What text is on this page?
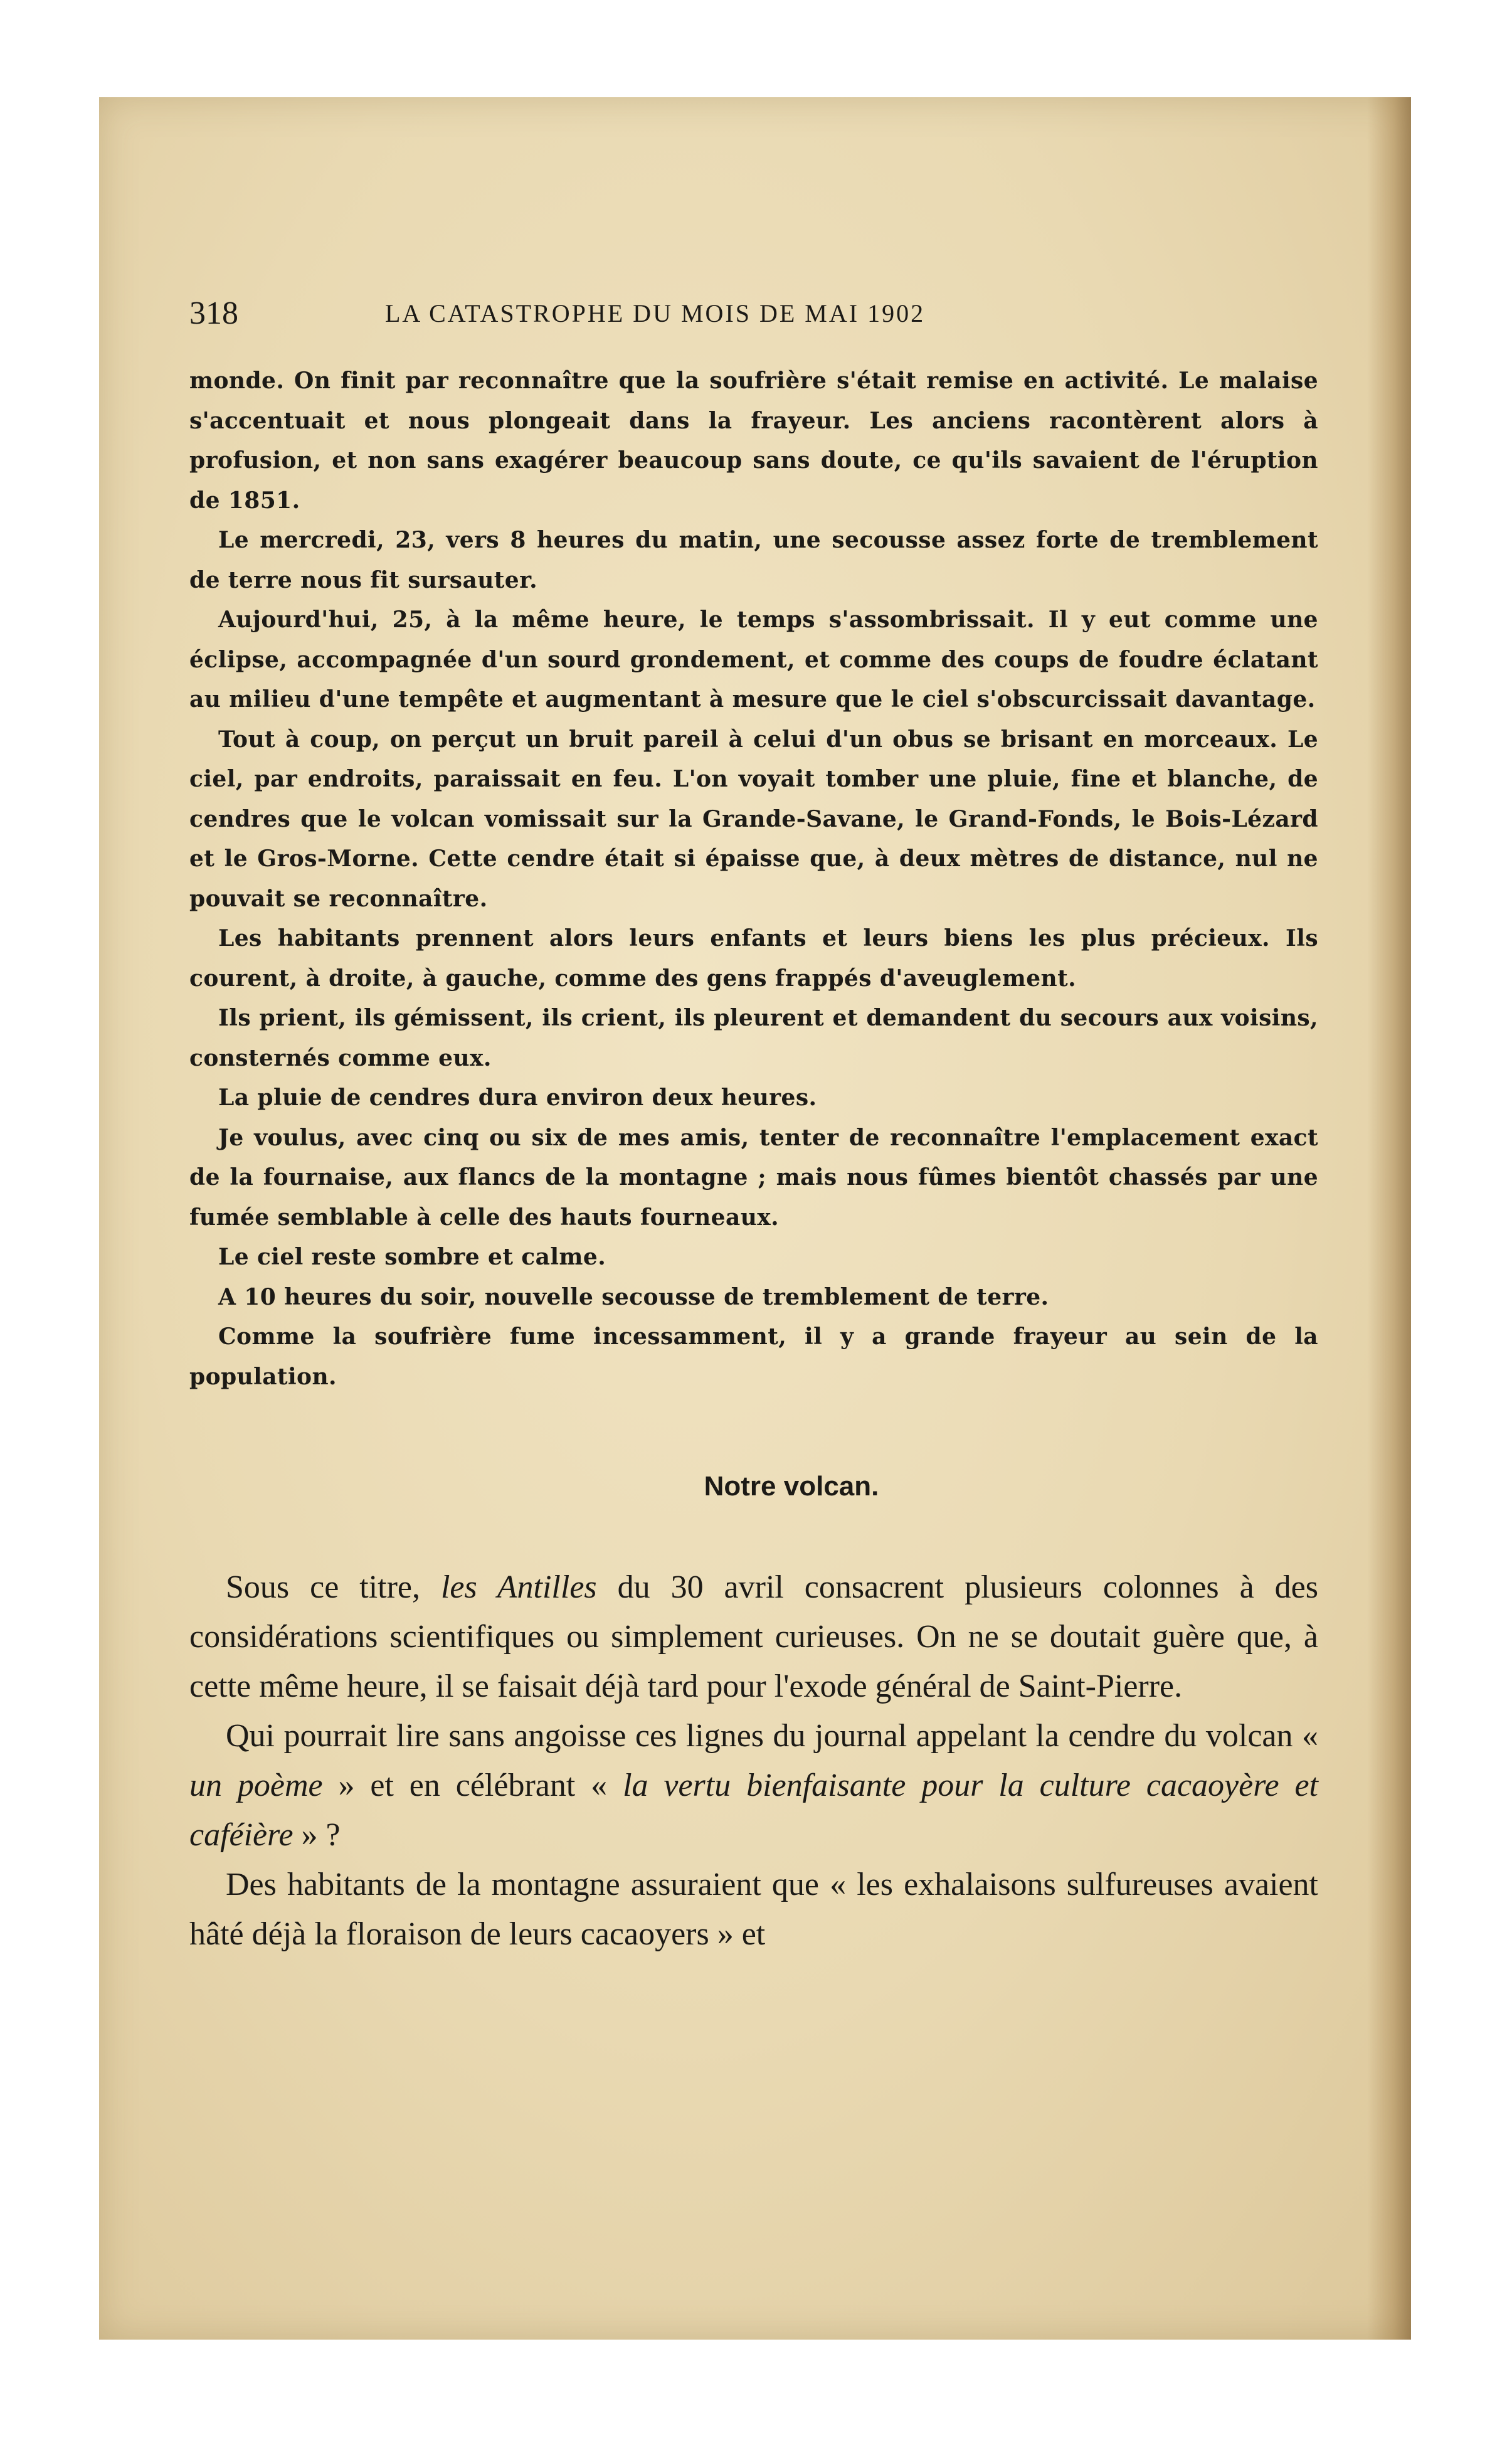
318	LA CATASTROPHE DU MOIS DE MAI 1902

monde. On finit par reconnaître que la soufrière s'était remise en activité. Le malaise s'accentuait et nous plongeait dans la frayeur. Les anciens racontèrent alors à profusion, et non sans exagérer beaucoup sans doute, ce qu'ils savaient de l'éruption de 1851.

Le mercredi, 23, vers 8 heures du matin, une secousse assez forte de tremblement de terre nous fit sursauter.

Aujourd'hui, 25, à la même heure, le temps s'assombrissait. Il y eut comme une éclipse, accompagnée d'un sourd grondement, et comme des coups de foudre éclatant au milieu d'une tempête et augmentant à mesure que le ciel s'obscurcissait davantage.

Tout à coup, on perçut un bruit pareil à celui d'un obus se brisant en morceaux. Le ciel, par endroits, paraissait en feu. L'on voyait tomber une pluie, fine et blanche, de cendres que le volcan vomissait sur la Grande-Savane, le Grand-Fonds, le Bois-Lézard et le Gros-Morne. Cette cendre était si épaisse que, à deux mètres de distance, nul ne pouvait se reconnaître.

Les habitants prennent alors leurs enfants et leurs biens les plus précieux. Ils courent, à droite, à gauche, comme des gens frappés d'aveuglement.

Ils prient, ils gémissent, ils crient, ils pleurent et demandent du secours aux voisins, consternés comme eux.

La pluie de cendres dura environ deux heures.

Je voulus, avec cinq ou six de mes amis, tenter de reconnaître l'emplacement exact de la fournaise, aux flancs de la montagne ; mais nous fûmes bientôt chassés par une fumée semblable à celle des hauts fourneaux.

Le ciel reste sombre et calme.

A 10 heures du soir, nouvelle secousse de tremblement de terre.

Comme la soufrière fume incessamment, il y a grande frayeur au sein de la population.

Notre volcan.

Sous ce titre, les Antilles du 30 avril consacrent plusieurs colonnes à des considérations scientifiques ou simplement curieuses. On ne se doutait guère que, à cette même heure, il se faisait déjà tard pour l'exode général de Saint-Pierre.

Qui pourrait lire sans angoisse ces lignes du journal appelant la cendre du volcan « un poème » et en célébrant « la vertu bienfaisante pour la culture cacaoyère et caféière » ?

Des habitants de la montagne assuraient que « les exhalaisons sulfureuses avaient hâté déjà la floraison de leurs cacaoyers » et
